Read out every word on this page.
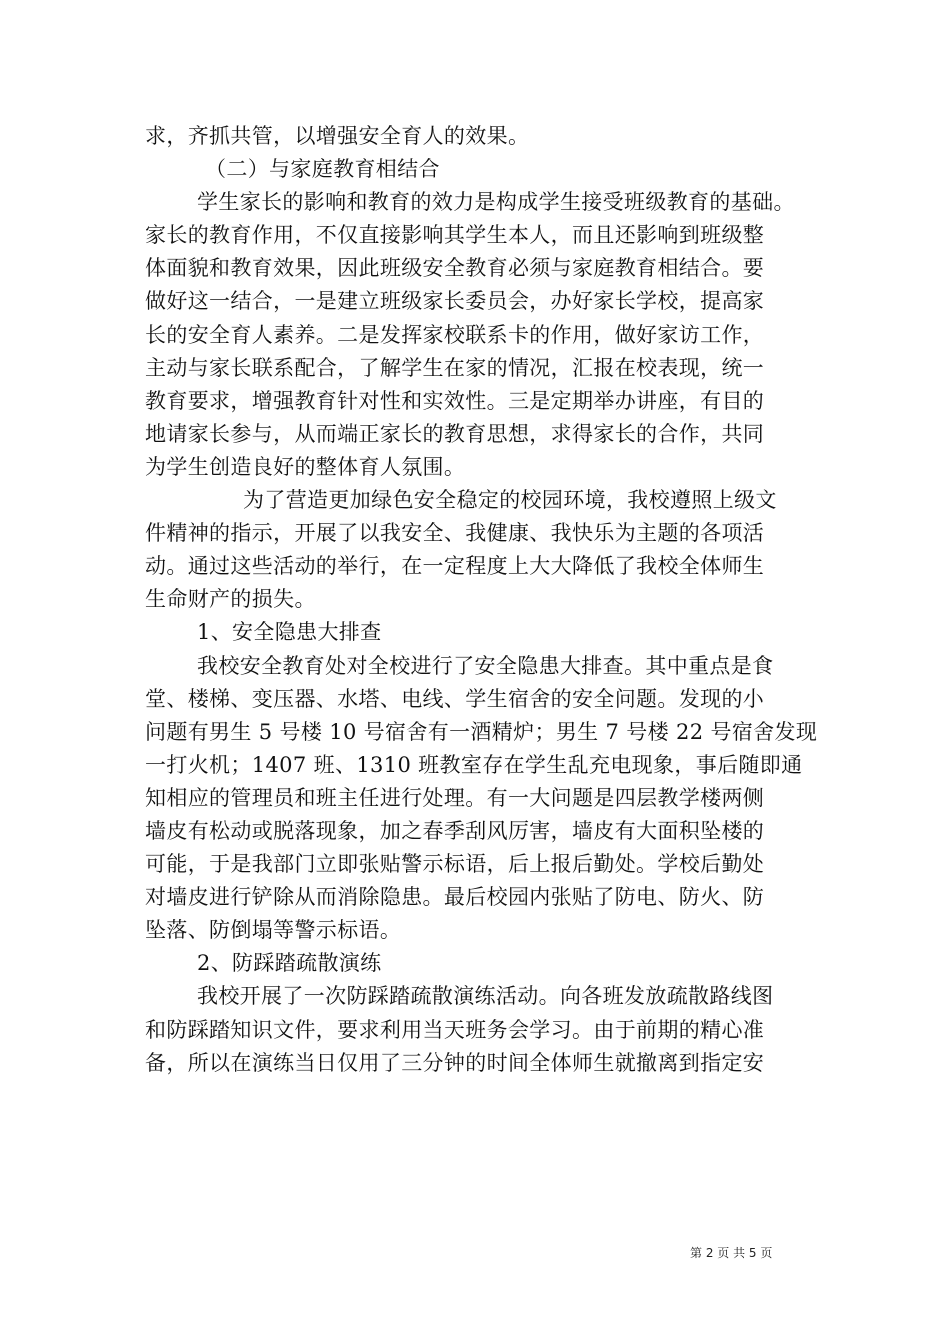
求，齐抓共管，以增强安全育人的效果。
（二）与家庭教育相结合
学生家长的影响和教育的效力是构成学生接受班级教育的基础。
家长的教育作用，不仅直接影响其学生本人，而且还影响到班级整
体面貌和教育效果，因此班级安全教育必须与家庭教育相结合。要
做好这一结合，一是建立班级家长委员会，办好家长学校，提高家
长的安全育人素养。二是发挥家校联系卡的作用，做好家访工作，
主动与家长联系配合，了解学生在家的情况，汇报在校表现，统一
教育要求，增强教育针对性和实效性。三是定期举办讲座，有目的
地请家长参与，从而端正家长的教育思想，求得家长的合作，共同
为学生创造良好的整体育人氛围。
为了营造更加绿色安全稳定的校园环境，我校遵照上级文
件精神的指示，开展了以我安全、我健康、我快乐为主题的各项活
动。通过这些活动的举行，在一定程度上大大降低了我校全体师生
生命财产的损失。
1、安全隐患大排查
我校安全教育处对全校进行了安全隐患大排查。其中重点是食
堂、楼梯、变压器、水塔、电线、学生宿舍的安全问题。发现的小
问题有男生 5 号楼 10 号宿舍有一酒精炉；男生 7 号楼 22 号宿舍发现
一打火机；1407 班、1310 班教室存在学生乱充电现象，事后随即通
知相应的管理员和班主任进行处理。有一大问题是四层教学楼两侧
墙皮有松动或脱落现象，加之春季刮风厉害，墙皮有大面积坠楼的
可能，于是我部门立即张贴警示标语，后上报后勤处。学校后勤处
对墙皮进行铲除从而消除隐患。最后校园内张贴了防电、防火、防
坠落、防倒塌等警示标语。
2、防踩踏疏散演练
我校开展了一次防踩踏疏散演练活动。向各班发放疏散路线图
和防踩踏知识文件，要求利用当天班务会学习。由于前期的精心准
备，所以在演练当日仅用了三分钟的时间全体师生就撤离到指定安
第 2 页 共 5 页
